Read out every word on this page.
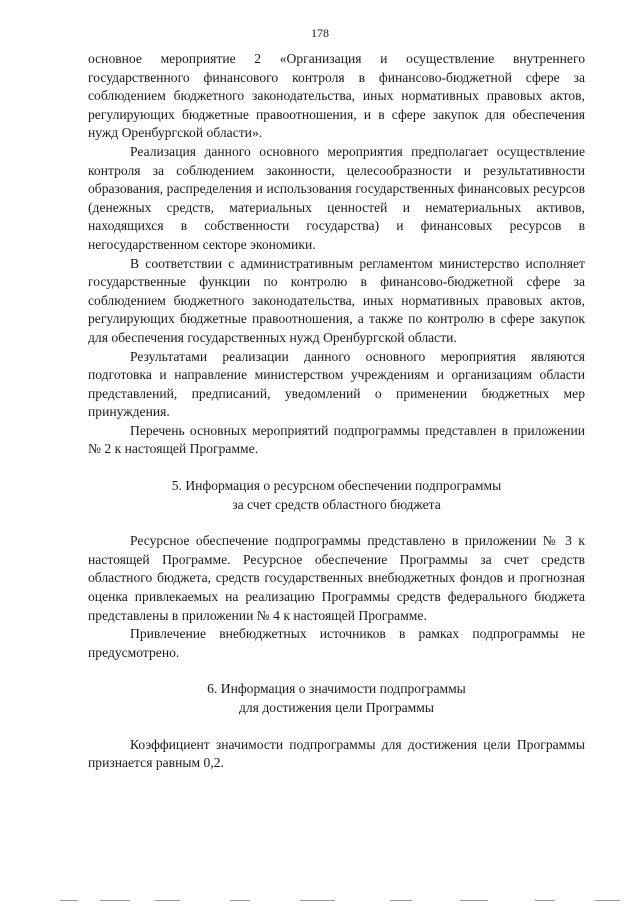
178

основное мероприятие 2 «Организация и осуществление внутреннего государственного финансового контроля в финансово-бюджетной сфере за соблюдением бюджетного законодательства, иных нормативных правовых актов, регулирующих бюджетные правоотношения, и в сфере закупок для обеспечения нужд Оренбургской области».

Реализация данного основного мероприятия предполагает осуществление контроля за соблюдением законности, целесообразности и результативности образования, распределения и использования государственных финансовых ресурсов (денежных средств, материальных ценностей и нематериальных активов, находящихся в собственности государства) и финансовых ресурсов в негосударственном секторе экономики.

В соответствии с административным регламентом министерство исполняет государственные функции по контролю в финансово-бюджетной сфере за соблюдением бюджетного законодательства, иных нормативных правовых актов, регулирующих бюджетные правоотношения, а также по контролю в сфере закупок для обеспечения государственных нужд Оренбургской области.

Результатами реализации данного основного мероприятия являются подготовка и направление министерством учреждениям и организациям области представлений, предписаний, уведомлений о применении бюджетных мер принуждения.

Перечень основных мероприятий подпрограммы представлен в приложении № 2 к настоящей Программе.

5. Информация о ресурсном обеспечении подпрограммы
за счет средств областного бюджета

Ресурсное обеспечение подпрограммы представлено в приложении № 3 к настоящей Программе. Ресурсное обеспечение Программы за счет средств областного бюджета, средств государственных внебюджетных фондов и прогнозная оценка привлекаемых на реализацию Программы средств федерального бюджета представлены в приложении № 4 к настоящей Программе.

Привлечение внебюджетных источников в рамках подпрограммы не предусмотрено.

6. Информация о значимости подпрограммы
для достижения цели Программы

Коэффициент значимости подпрограммы для достижения цели Программы признается равным 0,2.
